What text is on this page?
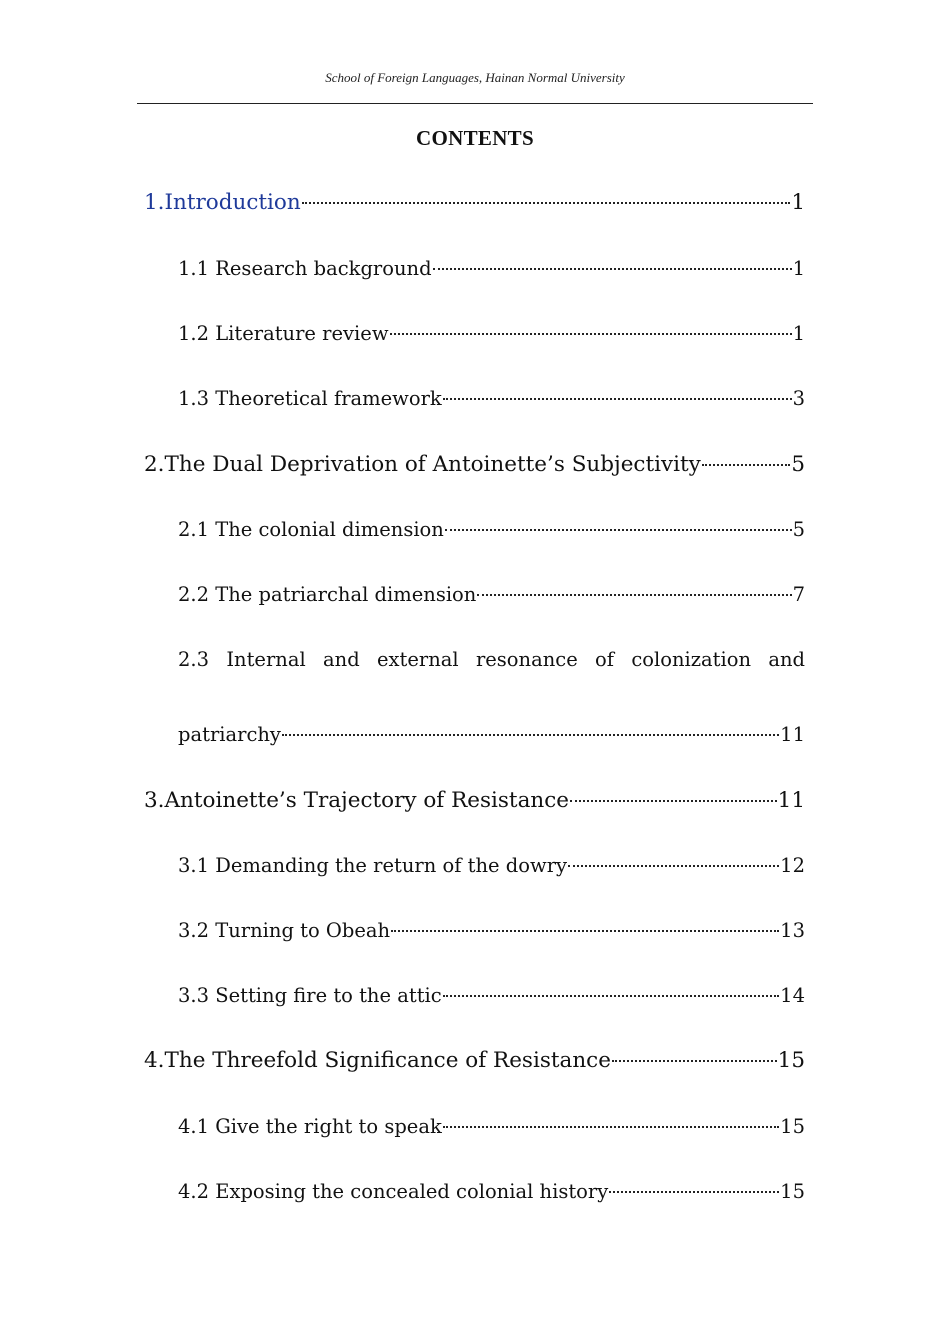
School of Foreign Languages, Hainan Normal University
CONTENTS
1.Introduction	1
1.1 Research background	1
1.2 Literature review	1
1.3 Theoretical framework	3
2.The Dual Deprivation of Antoinette’s Subjectivity	5
2.1 The colonial dimension	5
2.2 The patriarchal dimension	7
2.3 Internal and external resonance of colonization and
patriarchy	11
3.Antoinette’s Trajectory of Resistance	11
3.1 Demanding the return of the dowry	12
3.2 Turning to Obeah	13
3.3 Setting fire to the attic	14
4.The Threefold Significance of Resistance	15
4.1 Give the right to speak	15
4.2 Exposing the concealed colonial history	15
